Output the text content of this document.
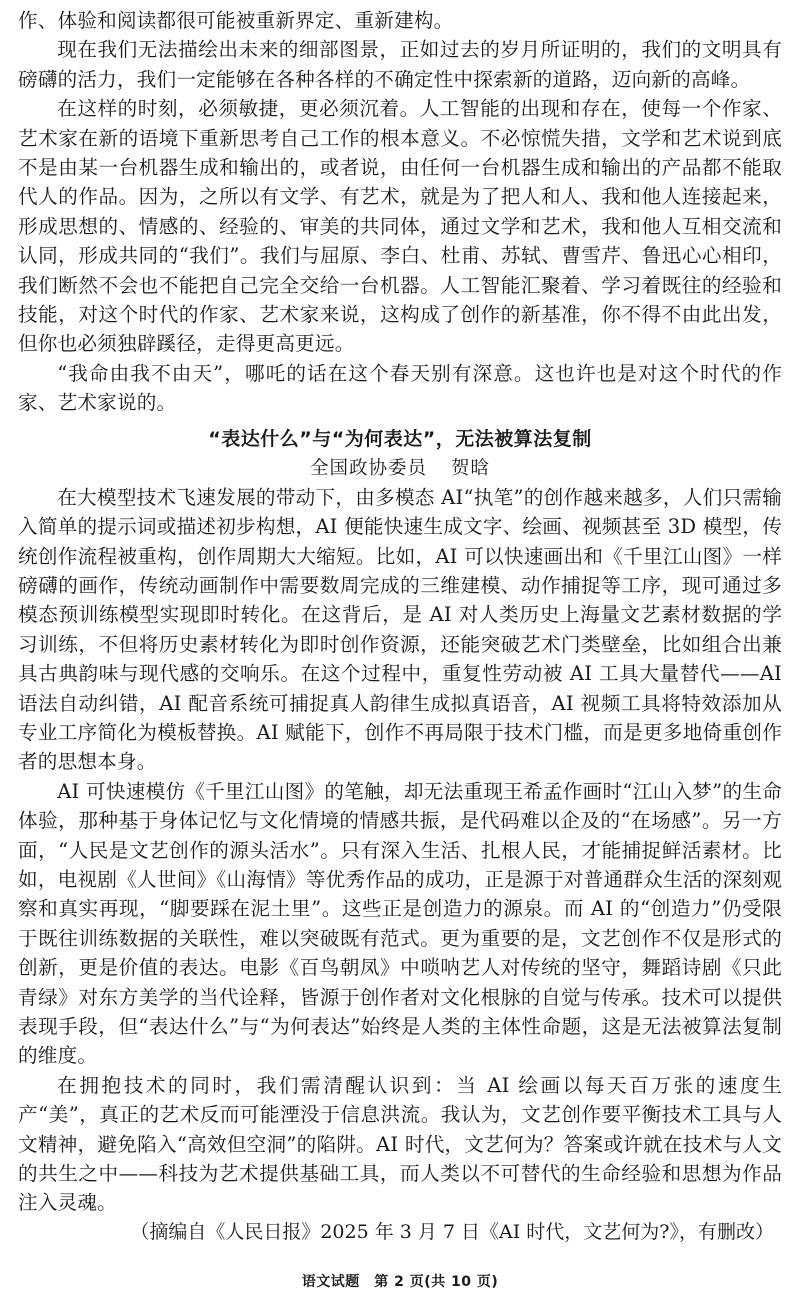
作、体验和阅读都很可能被重新界定、重新建构。

现在我们无法描绘出未来的细部图景，正如过去的岁月所证明的，我们的文明具有磅礴的活力，我们一定能够在各种各样的不确定性中探索新的道路，迈向新的高峰。

在这样的时刻，必须敏捷，更必须沉着。人工智能的出现和存在，使每一个作家、艺术家在新的语境下重新思考自己工作的根本意义。不必惊慌失措，文学和艺术说到底不是由某一台机器生成和输出的，或者说，由任何一台机器生成和输出的产品都不能取代人的作品。因为，之所以有文学、有艺术，就是为了把人和人、我和他人连接起来，形成思想的、情感的、经验的、审美的共同体，通过文学和艺术，我和他人互相交流和认同，形成共同的“我们”。我们与屈原、李白、杜甫、苏轼、曹雪芹、鲁迅心心相印，我们断然不会也不能把自己完全交给一台机器。人工智能汇聚着、学习着既往的经验和技能，对这个时代的作家、艺术家来说，这构成了创作的新基准，你不得不由此出发，但你也必须独辟蹊径，走得更高更远。

“我命由我不由天”，哪吒的话在这个春天别有深意。这也许也是对这个时代的作家、艺术家说的。

“表达什么”与“为何表达”，无法被算法复制
全国政协委员 贺晗

在大模型技术飞速发展的带动下，由多模态 AI“执笔”的创作越来越多，人们只需输入简单的提示词或描述初步构想，AI 便能快速生成文字、绘画、视频甚至 3D 模型，传统创作流程被重构，创作周期大大缩短。比如，AI 可以快速画出和《千里江山图》一样磅礴的画作，传统动画制作中需要数周完成的三维建模、动作捕捉等工序，现可通过多模态预训练模型实现即时转化。在这背后，是 AI 对人类历史上海量文艺素材数据的学习训练，不但将历史素材转化为即时创作资源，还能突破艺术门类壁垒，比如组合出兼具古典韵味与现代感的交响乐。在这个过程中，重复性劳动被 AI 工具大量替代——AI 语法自动纠错，AI 配音系统可捕捉真人韵律生成拟真语音，AI 视频工具将特效添加从专业工序简化为模板替换。AI 赋能下，创作不再局限于技术门槛，而是更多地倚重创作者的思想本身。

AI 可快速模仿《千里江山图》的笔触，却无法重现王希孟作画时“江山入梦”的生命体验，那种基于身体记忆与文化情境的情感共振，是代码难以企及的“在场感”。另一方面，“人民是文艺创作的源头活水”。只有深入生活、扎根人民，才能捕捉鲜活素材。比如，电视剧《人世间》《山海情》等优秀作品的成功，正是源于对普通群众生活的深刻观察和真实再现，“脚要踩在泥土里”。这些正是创造力的源泉。而 AI 的“创造力”仍受限于既往训练数据的关联性，难以突破既有范式。更为重要的是，文艺创作不仅是形式的创新，更是价值的表达。电影《百鸟朝凤》中唢呐艺人对传统的坚守，舞蹈诗剧《只此青绿》对东方美学的当代诠释，皆源于创作者对文化根脉的自觉与传承。技术可以提供表现手段，但“表达什么”与“为何表达”始终是人类的主体性命题，这是无法被算法复制的维度。

在拥抱技术的同时，我们需清醒认识到：当 AI 绘画以每天百万张的速度生产“美”，真正的艺术反而可能湮没于信息洪流。我认为，文艺创作要平衡技术工具与人文精神，避免陷入“高效但空洞”的陷阱。AI 时代，文艺何为？答案或许就在技术与人文的共生之中——科技为艺术提供基础工具，而人类以不可替代的生命经验和思想为作品注入灵魂。

（摘编自《人民日报》2025 年 3 月 7 日《AI 时代，文艺何为?》，有删改）
语文试题　第 2 页(共 10 页)
